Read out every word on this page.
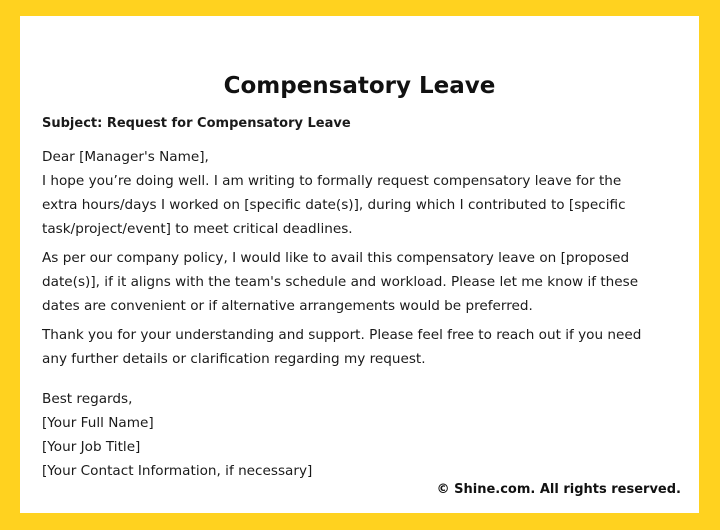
Compensatory Leave

Subject: Request for Compensatory Leave

Dear [Manager's Name],

I hope you’re doing well. I am writing to formally request compensatory leave for the

extra hours/days I worked on [specific date(s)], during which I contributed to [specific

task/project/event] to meet critical deadlines.

As per our company policy, I would like to avail this compensatory leave on [proposed

date(s)], if it aligns with the team's schedule and workload. Please let me know if these

dates are convenient or if alternative arrangements would be preferred.

Thank you for your understanding and support. Please feel free to reach out if you need

any further details or clarification regarding my request.

Best regards,

[Your Full Name]

[Your Job Title]

[Your Contact Information, if necessary]

© Shine.com. All rights reserved.
